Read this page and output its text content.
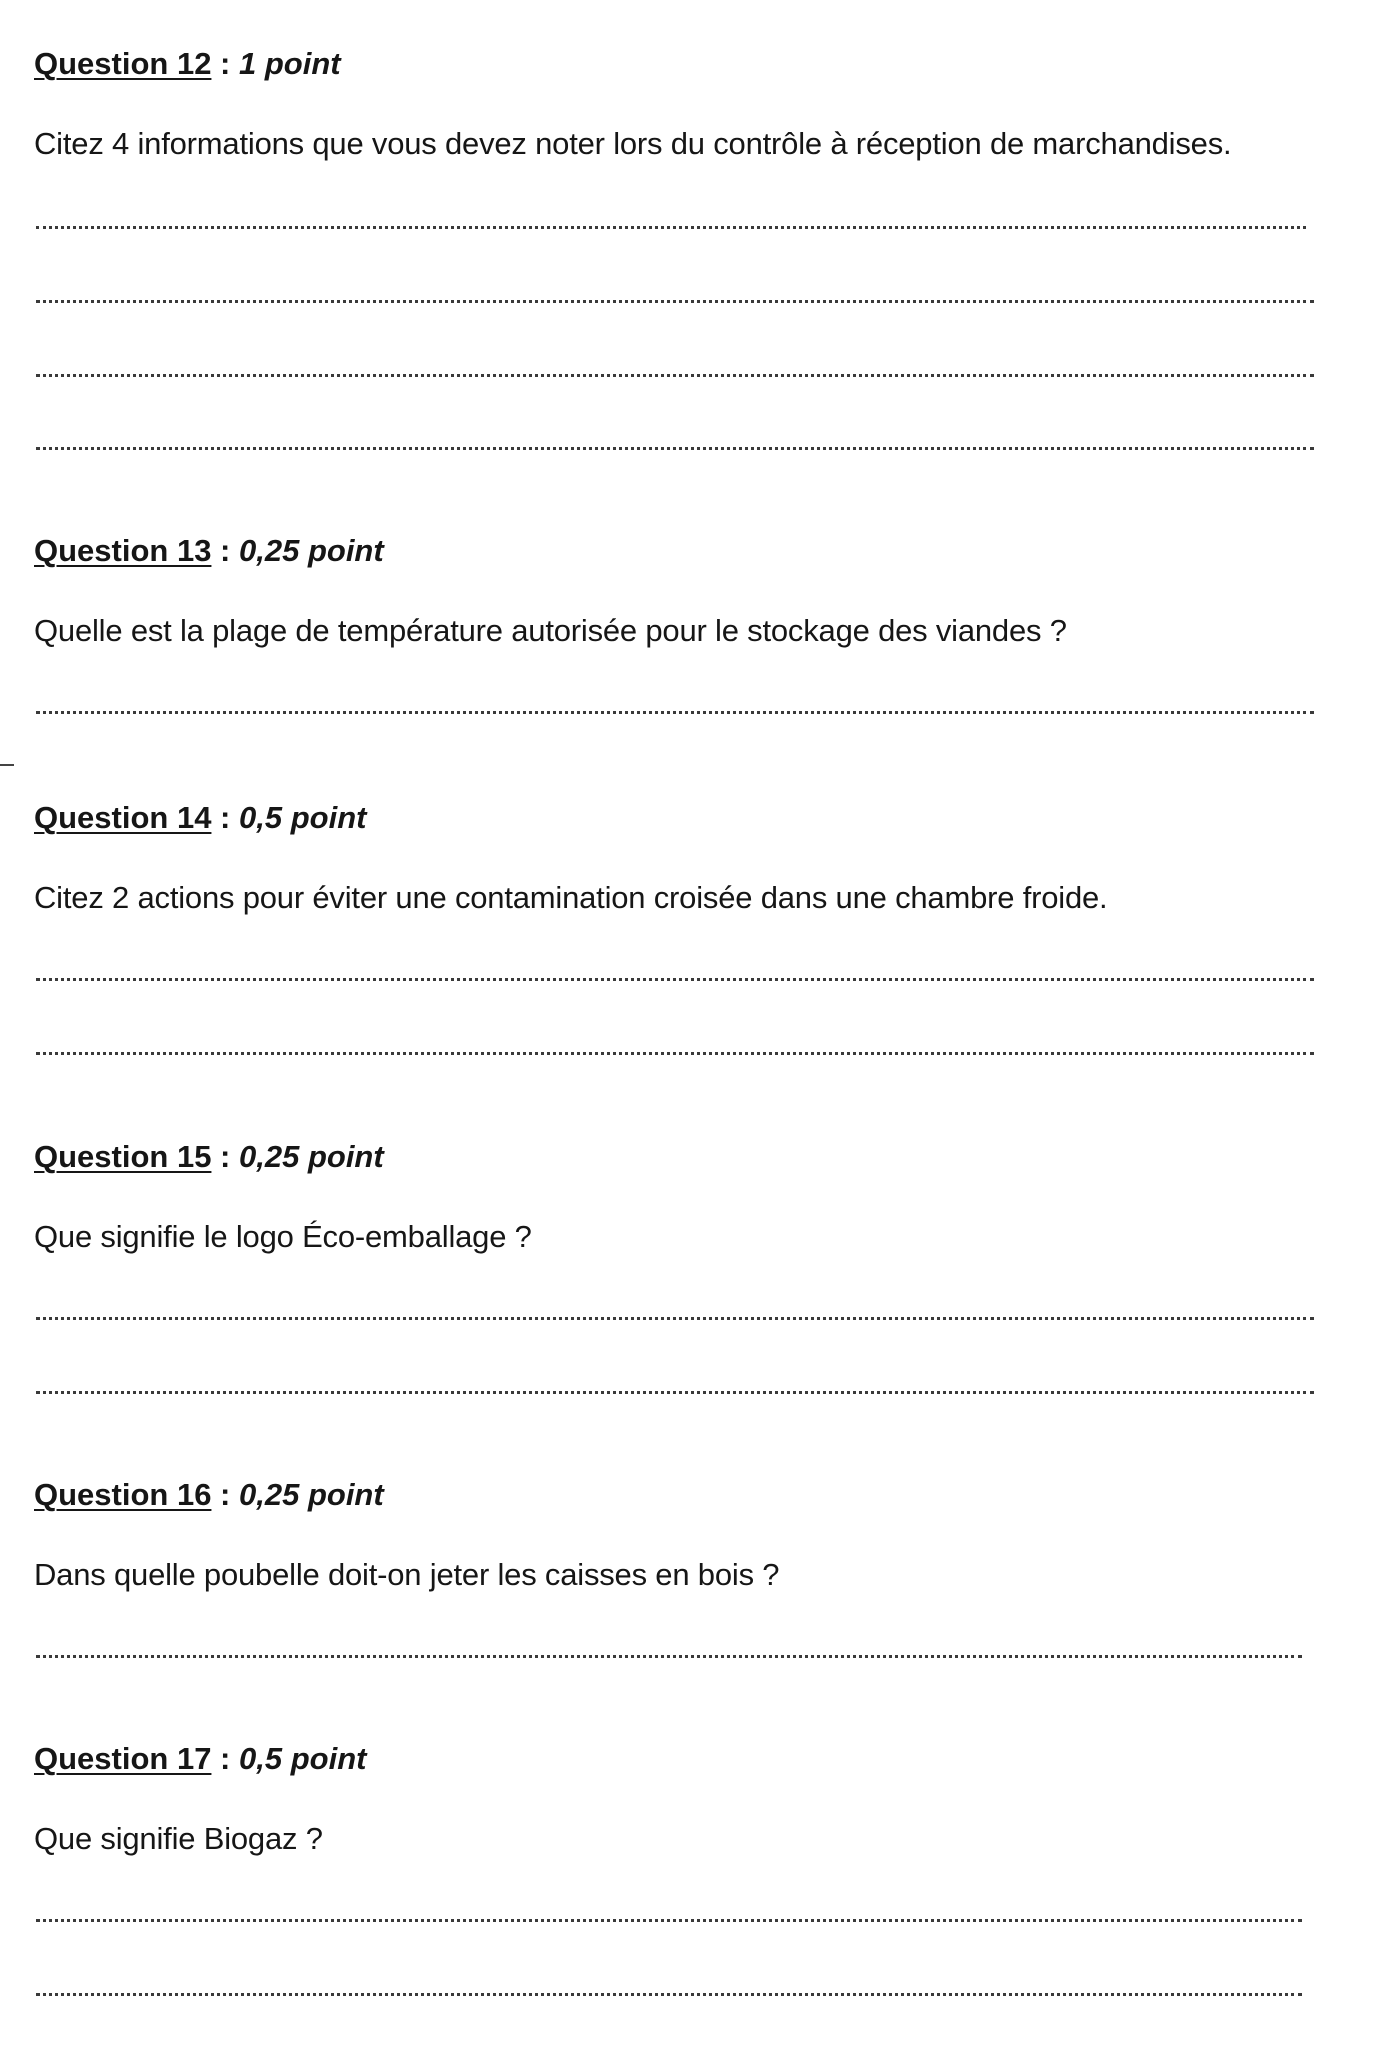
Question 12 : 1 point
Citez 4 informations que vous devez noter lors du contrôle à réception de marchandises.
Question 13 : 0,25 point
Quelle est la plage de température autorisée pour le stockage des viandes ?
Question 14 : 0,5 point
Citez 2 actions pour éviter une contamination croisée dans une chambre froide.
Question 15 : 0,25 point
Que signifie le logo Éco-emballage ?
Question 16 : 0,25 point
Dans quelle poubelle doit-on jeter les caisses en bois ?
Question 17 : 0,5 point
Que signifie Biogaz ?
